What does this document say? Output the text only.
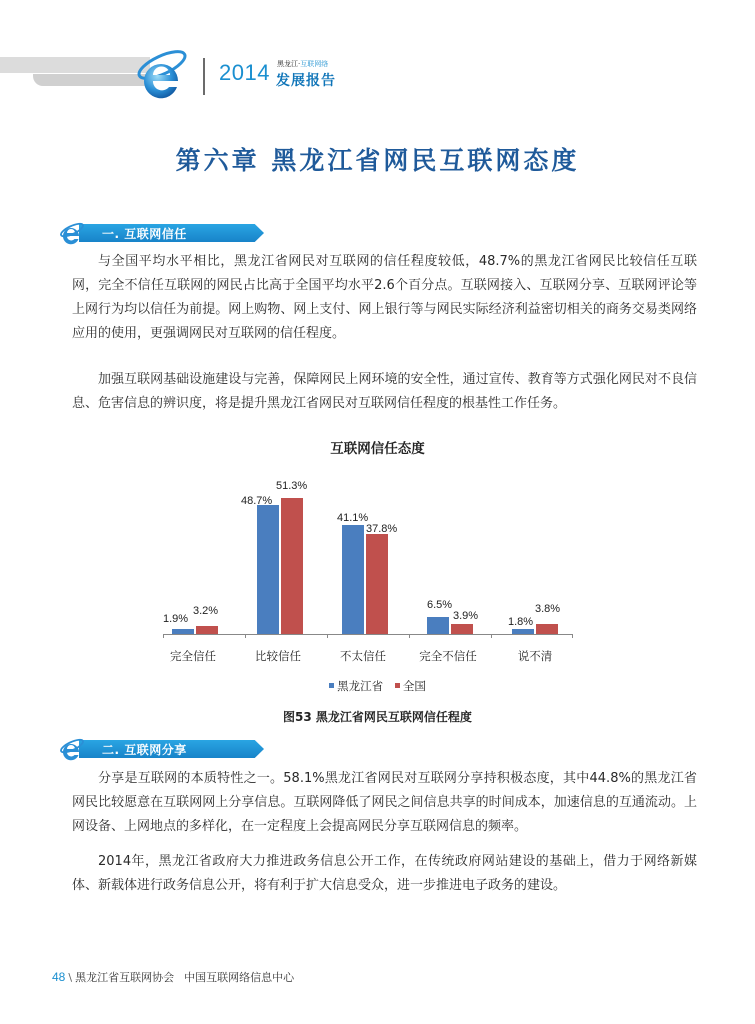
2014 黑龙江·互联网络
发展报告
第六章 黑龙江省网民互联网态度
一. 互联网信任

与全国平均水平相比，黑龙江省网民对互联网的信任程度较低，48.7%的黑龙江省网民比较信任互联网，完全不信任互联网的网民占比高于全国平均水平2.6个百分点。互联网接入、互联网分享、互联网评论等上网行为均以信任为前提。网上购物、网上支付、网上银行等与网民实际经济利益密切相关的商务交易类网络应用的使用，更强调网民对互联网的信任程度。

加强互联网基础设施建设与完善，保障网民上网环境的安全性，通过宣传、教育等方式强化网民对不良信息、危害信息的辨识度，将是提升黑龙江省网民对互联网信任程度的根基性工作任务。

互联网信任态度
1.9%
3.2%
48.7%
51.3%
41.1%
37.8%
6.5%
3.9%	1.8%
3.8%
完全信任	比较信任	不太信任	完全不信任	说不清
黑龙江省 全国
图53 黑龙江省网民互联网信任程度
二. 互联网分享

分享是互联网的本质特性之一。58.1%黑龙江省网民对互联网分享持积极态度，其中44.8%的黑龙江省网民比较愿意在互联网网上分享信息。互联网降低了网民之间信息共享的时间成本，加速信息的互通流动。上网设备、上网地点的多样化，在一定程度上会提高网民分享互联网信息的频率。

2014年，黑龙江省政府大力推进政务信息公开工作，在传统政府网站建设的基础上，借力于网络新媒体、新载体进行政务信息公开，将有利于扩大信息受众，进一步推进电子政务的建设。

48 \ 黑龙江省互联网协会 中国互联网络信息中心
